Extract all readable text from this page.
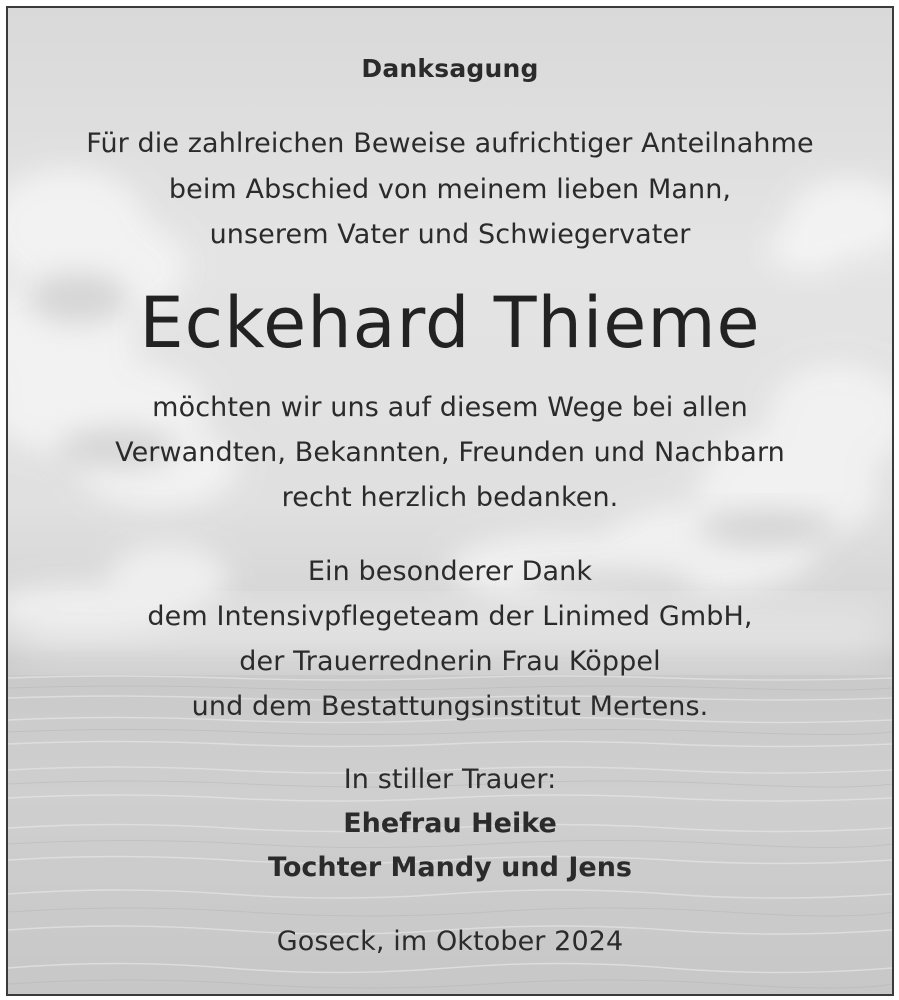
Danksagung
Für die zahlreichen Beweise aufrichtiger Anteilnahme
beim Abschied von meinem lieben Mann,
unserem Vater und Schwiegervater
Eckehard Thieme
möchten wir uns auf diesem Wege bei allen
Verwandten, Bekannten, Freunden und Nachbarn
recht herzlich bedanken.
Ein besonderer Dank
dem Intensivpflegeteam der Linimed GmbH,
der Trauerrednerin Frau Köppel
und dem Bestattungsinstitut Mertens.
In stiller Trauer:
Ehefrau Heike
Tochter Mandy und Jens
Goseck, im Oktober 2024
